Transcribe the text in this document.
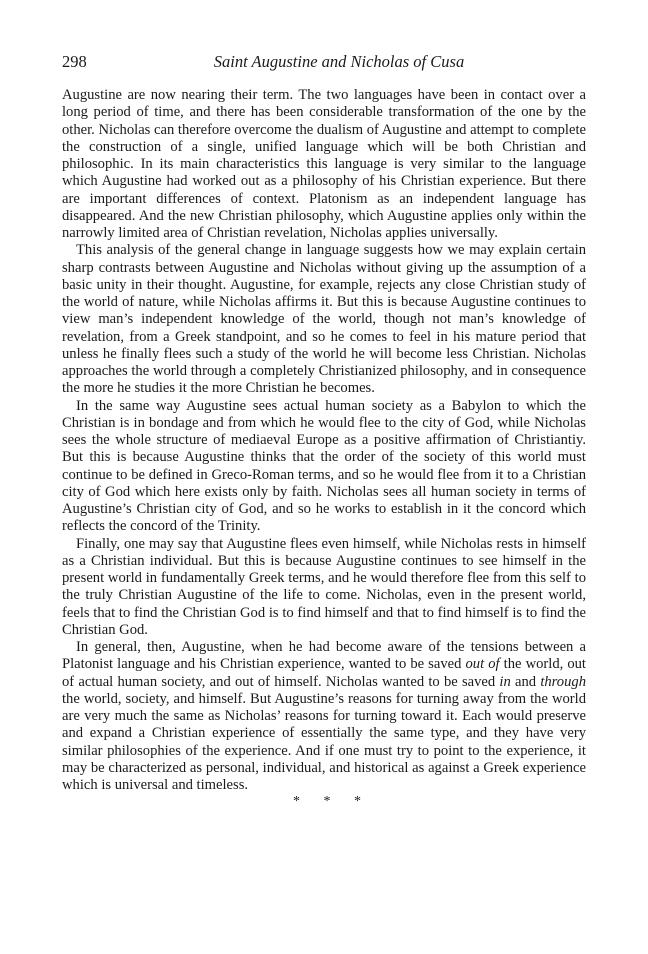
298	Saint Augustine and Nicholas of Cusa

Augustine are now nearing their term. The two languages have been in contact over a long period of time, and there has been considerable transformation of the one by the other. Nicholas can therefore overcome the dualism of Augustine and attempt to complete the construction of a single, unified language which will be both Christian and philosophic. In its main characteristics this language is very similar to the language which Augustine had worked out as a philosophy of his Christian experience. But there are important differences of context. Platonism as an independent language has disappeared. And the new Christian philosophy, which Augustine applies only within the narrowly limited area of Christian revelation, Nicholas applies universally.

This analysis of the general change in language suggests how we may explain certain sharp contrasts between Augustine and Nicholas without giving up the assumption of a basic unity in their thought. Augustine, for example, rejects any close Christian study of the world of nature, while Nicholas affirms it. But this is because Augustine continues to view man’s independent knowledge of the world, though not man’s knowledge of revelation, from a Greek standpoint, and so he comes to feel in his mature period that unless he finally flees such a study of the world he will become less Christian. Nicholas approaches the world through a completely Christianized philosophy, and in consequence the more he studies it the more Christian he becomes.

In the same way Augustine sees actual human society as a Babylon to which the Christian is in bondage and from which he would flee to the city of God, while Nicholas sees the whole structure of mediaeval Europe as a positive affirmation of Christiantiy. But this is because Augustine thinks that the order of the society of this world must continue to be defined in Greco-Roman terms, and so he would flee from it to a Christian city of God which here exists only by faith. Nicholas sees all human society in terms of Augustine’s Christian city of God, and so he works to establish in it the concord which reflects the concord of the Trinity.

Finally, one may say that Augustine flees even himself, while Nicholas rests in himself as a Christian individual. But this is because Augustine continues to see himself in the present world in fundamentally Greek terms, and he would therefore flee from this self to the truly Christian Augustine of the life to come. Nicholas, even in the present world, feels that to find the Christian God is to find himself and that to find himself is to find the Christian God.

In general, then, Augustine, when he had become aware of the tensions between a Platonist language and his Christian experience, wanted to be saved out of the world, out of actual human society, and out of himself. Nicholas wanted to be saved in and through the world, society, and himself. But Augustine’s reasons for turning away from the world are very much the same as Nicholas’ reasons for turning toward it. Each would preserve and expand a Christian experience of essentially the same type, and they have very similar philosophies of the experience. And if one must try to point to the experience, it may be characterized as personal, individual, and historical as against a Greek experience which is universal and timeless.

* * *
